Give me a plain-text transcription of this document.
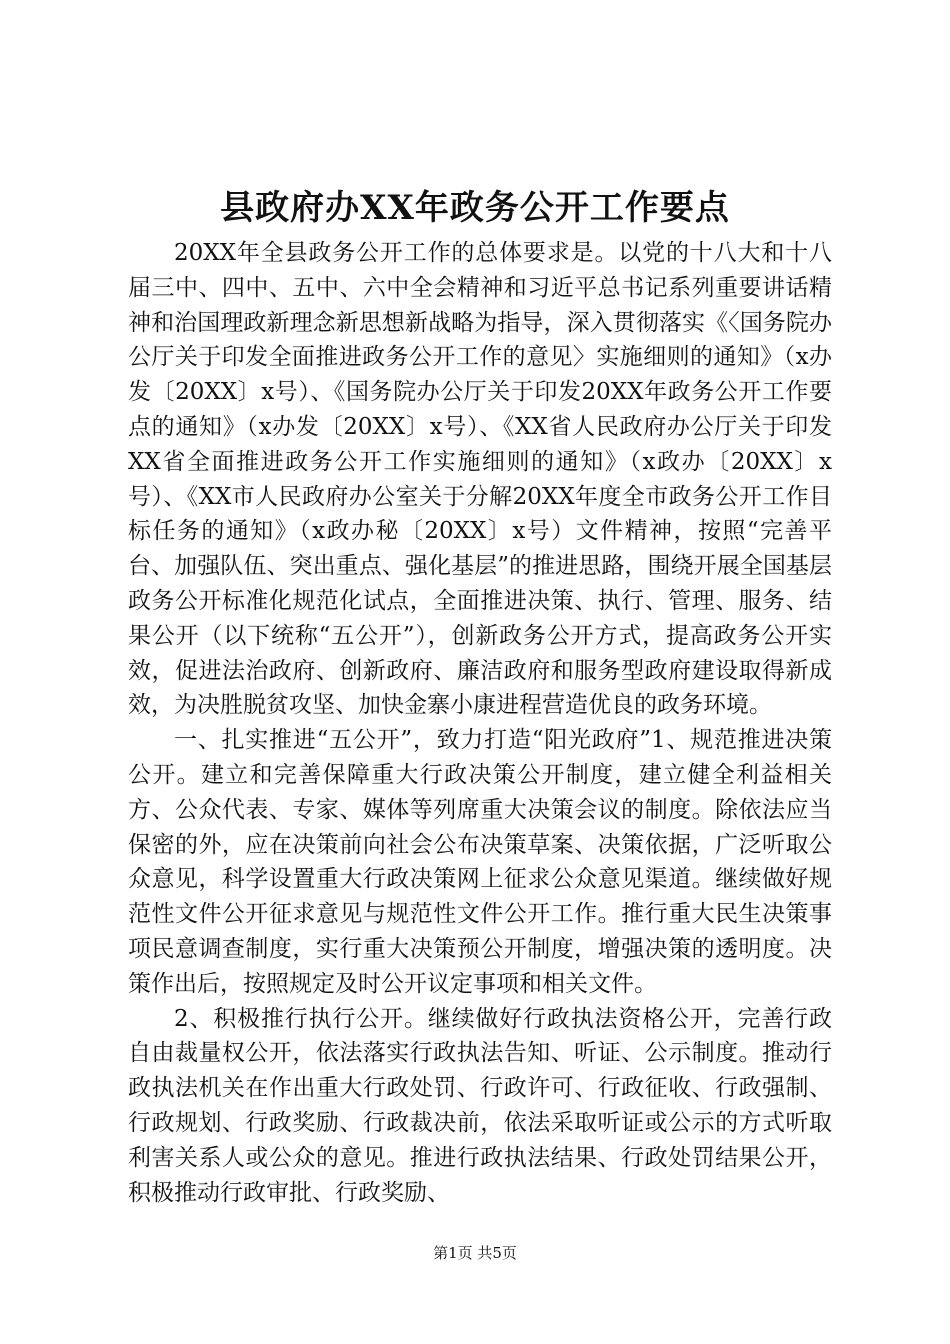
县政府办XX年政务公开工作要点

20XX年全县政务公开工作的总体要求是。以党的十八大和十八届三中、四中、五中、六中全会精神和习近平总书记系列重要讲话精神和治国理政新理念新思想新战略为指导，深入贯彻落实《〈国务院办公厅关于印发全面推进政务公开工作的意见〉实施细则的通知》（x办发〔20XX〕x号）、《国务院办公厅关于印发20XX年政务公开工作要点的通知》（x办发〔20XX〕x号）、《XX省人民政府办公厅关于印发XX省全面推进政务公开工作实施细则的通知》（x政办〔20XX〕x号）、《XX市人民政府办公室关于分解20XX年度全市政务公开工作目标任务的通知》（x政办秘〔20XX〕x号）文件精神，按照“完善平台、加强队伍、突出重点、强化基层”的推进思路，围绕开展全国基层政务公开标准化规范化试点，全面推进决策、执行、管理、服务、结果公开（以下统称“五公开”），创新政务公开方式，提高政务公开实效，促进法治政府、创新政府、廉洁政府和服务型政府建设取得新成效，为决胜脱贫攻坚、加快金寨小康进程营造优良的政务环境。

一、扎实推进“五公开”，致力打造“阳光政府”1、规范推进决策公开。建立和完善保障重大行政决策公开制度，建立健全利益相关方、公众代表、专家、媒体等列席重大决策会议的制度。除依法应当保密的外，应在决策前向社会公布决策草案、决策依据，广泛听取公众意见，科学设置重大行政决策网上征求公众意见渠道。继续做好规范性文件公开征求意见与规范性文件公开工作。推行重大民生决策事项民意调查制度，实行重大决策预公开制度，增强决策的透明度。决策作出后，按照规定及时公开议定事项和相关文件。

2、积极推行执行公开。继续做好行政执法资格公开，完善行政自由裁量权公开，依法落实行政执法告知、听证、公示制度。推动行政执法机关在作出重大行政处罚、行政许可、行政征收、行政强制、行政规划、行政奖励、行政裁决前，依法采取听证或公示的方式听取利害关系人或公众的意见。推进行政执法结果、行政处罚结果公开，积极推动行政审批、行政奖励、

第1页 共5页
